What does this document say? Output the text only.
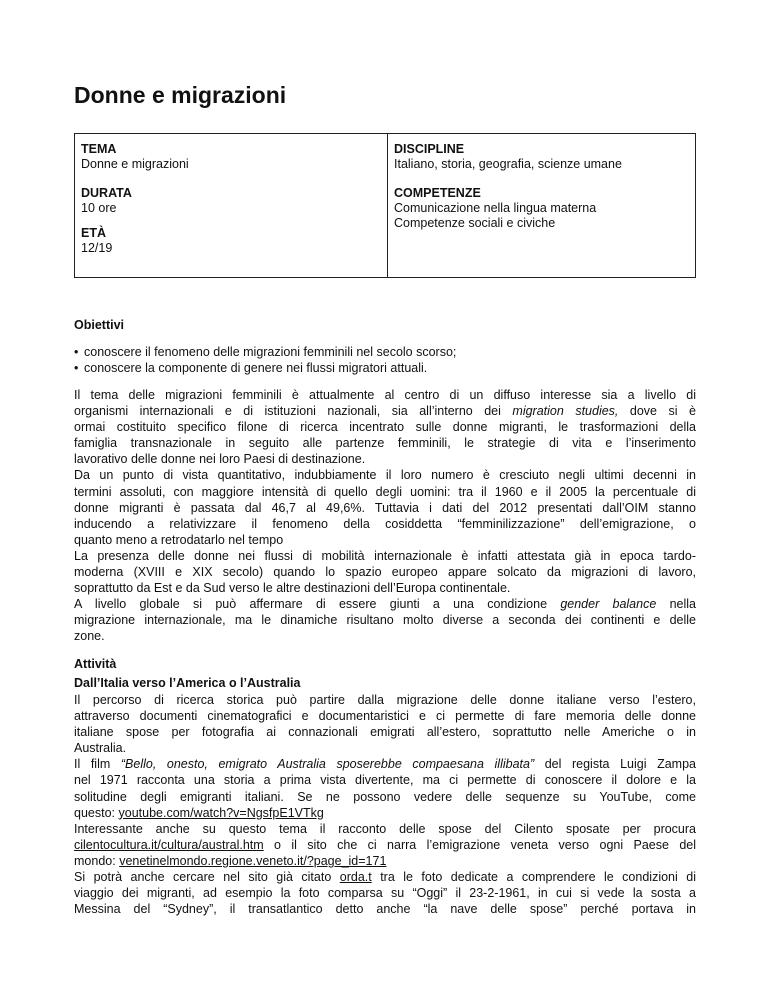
Donne e migrazioni
TEMA
Donne e migrazioni
DURATA
10 ore
ETÀ
12/19
DISCIPLINE
Italiano, storia, geografia, scienze umane
COMPETENZE
Comunicazione nella lingua materna
Competenze sociali e civiche
Obiettivi
• conoscere il fenomeno delle migrazioni femminili nel secolo scorso;
• conoscere la componente di genere nei flussi migratori attuali.
Il tema delle migrazioni femminili è attualmente al centro di un diffuso interesse sia a livello di
organismi internazionali e di istituzioni nazionali, sia all’interno dei migration studies, dove si è
ormai costituito specifico filone di ricerca incentrato sulle donne migranti, le trasformazioni della
famiglia transnazionale in seguito alle partenze femminili, le strategie di vita e l’inserimento
lavorativo delle donne nei loro Paesi di destinazione.
Da un punto di vista quantitativo, indubbiamente il loro numero è cresciuto negli ultimi decenni in
termini assoluti, con maggiore intensità di quello degli uomini: tra il 1960 e il 2005 la percentuale di
donne migranti è passata dal 46,7 al 49,6%. Tuttavia i dati del 2012 presentati dall’OIM stanno
inducendo a relativizzare il fenomeno della cosiddetta “femminilizzazione” dell’emigrazione, o
quanto meno a retrodatarlo nel tempo
La presenza delle donne nei flussi di mobilità internazionale è infatti attestata già in epoca tardo-
moderna (XVIII e XIX secolo) quando lo spazio europeo appare solcato da migrazioni di lavoro,
soprattutto da Est e da Sud verso le altre destinazioni dell’Europa continentale.
A livello globale si può affermare di essere giunti a una condizione gender balance nella
migrazione internazionale, ma le dinamiche risultano molto diverse a seconda dei continenti e delle
zone.
Attività
Dall’Italia verso l’America o l’Australia
Il percorso di ricerca storica può partire dalla migrazione delle donne italiane verso l’estero,
attraverso documenti cinematografici e documentaristici e ci permette di fare memoria delle donne
italiane spose per fotografia ai connazionali emigrati all’estero, soprattutto nelle Americhe o in
Australia.
Il film “Bello, onesto, emigrato Australia sposerebbe compaesana illibata” del regista Luigi Zampa
nel 1971 racconta una storia a prima vista divertente, ma ci permette di conoscere il dolore e la
solitudine degli emigranti italiani. Se ne possono vedere delle sequenze su YouTube, come
questo: youtube.com/watch?v=NgsfpE1VTkg
Interessante anche su questo tema il racconto delle spose del Cilento sposate per procura
cilentocultura.it/cultura/austral.htm o il sito che ci narra l’emigrazione veneta verso ogni Paese del
mondo: venetinelmondo.regione.veneto.it/?page_id=171
Si potrà anche cercare nel sito già citato orda.t tra le foto dedicate a comprendere le condizioni di
viaggio dei migranti, ad esempio la foto comparsa su “Oggi” il 23-2-1961, in cui si vede la sosta a
Messina del “Sydney”, il transatlantico detto anche “la nave delle spose” perché portava in
